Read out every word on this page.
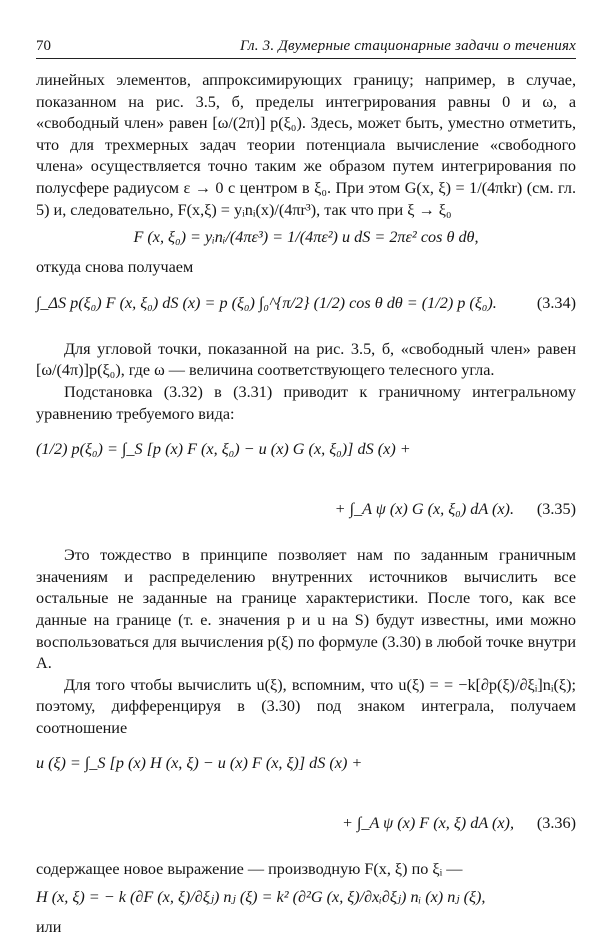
70	Гл. 3. Двумерные стационарные задачи о течениях

линейных элементов, аппроксимирующих границу; например, в случае, показанном на рис. 3.5, б, пределы интегрирования равны 0 и ω, а «свободный член» равен [ω/(2π)] p(ξ₀). Здесь, может быть, уместно отметить, что для трехмерных задач теории потенциала вычисление «свободного члена» осуществляется точно таким же образом путем интегрирования по полусфере радиусом ε → 0 с центром в ξ₀. При этом G(x, ξ) = 1/(4πkr) (см. гл. 5) и, следовательно, F(x,ξ) = yᵢnᵢ(x)/(4πr³), так что при ξ → ξ₀

F (x, ξ₀) = yᵢnᵢ/(4πε³) = 1/(4πε²) и dS = 2πε² cos θ dθ,

откуда снова получаем

∫_ΔS p(ξ₀) F (x, ξ₀) dS (x) = p (ξ₀) ∫₀^{π/2} (1/2) cos θ dθ = (1/2) p (ξ₀). (3.34)

Для угловой точки, показанной на рис. 3.5, б, «свободный член» равен [ω/(4π)]p(ξ₀), где ω — величина соответствующего телесного угла.

Подстановка (3.32) в (3.31) приводит к граничному интегральному уравнению требуемого вида:

(1/2) p(ξ₀) = ∫_S [p (x) F (x, ξ₀) − u (x) G (x, ξ₀)] dS (x) +
+ ∫_A ψ (x) G (x, ξ₀) dA (x). (3.35)

Это тождество в принципе позволяет нам по заданным граничным значениям и распределению внутренних источников вычислить все остальные не заданные на границе характеристики. После того, как все данные на границе (т. е. значения p и u на S) будут известны, ими можно воспользоваться для вычисления p(ξ) по формуле (3.30) в любой точке внутри A.

Для того чтобы вычислить u(ξ), вспомним, что u(ξ) = = −k[∂p(ξ)/∂ξᵢ]nᵢ(ξ); поэтому, дифференцируя в (3.30) под знаком интеграла, получаем соотношение

u (ξ) = ∫_S [p (x) H (x, ξ) − u (x) F (x, ξ)] dS (x) +
+ ∫_A ψ (x) F (x, ξ) dA (x), (3.36)

содержащее новое выражение — производную F(x, ξ) по ξᵢ —

H (x, ξ) = − k (∂F (x, ξ)/∂ξⱼ) nⱼ (ξ) = k² (∂²G (x, ξ)/∂xᵢ∂ξⱼ) nᵢ (x) nⱼ (ξ),

или
